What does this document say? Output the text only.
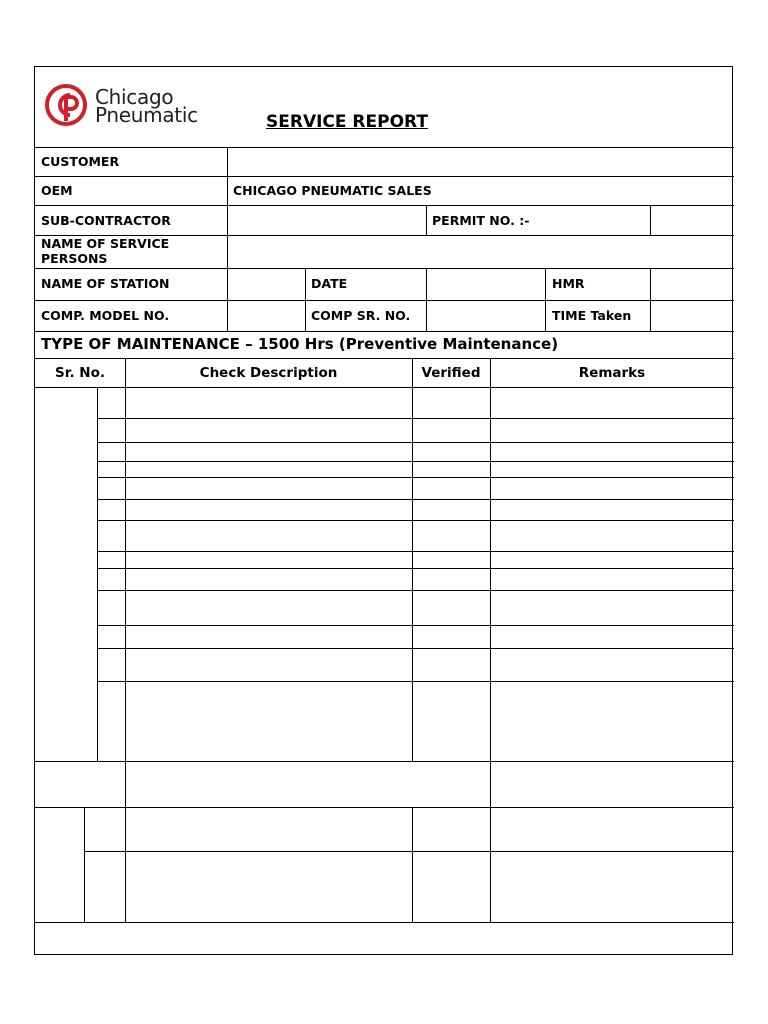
Chicago
Pneumatic	SERVICE REPORT
CUSTOMER
OEM	CHICAGO PNEUMATIC SALES
SUB-CONTRACTOR	PERMIT NO. :-
NAME OF SERVICE PERSONS
NAME OF STATION	DATE	HMR
COMP. MODEL NO.	COMP SR. NO.	TIME Taken
TYPE OF MAINTENANCE – 1500 Hrs (Preventive Maintenance)
Sr. No.	Check Description	Verified	Remarks
